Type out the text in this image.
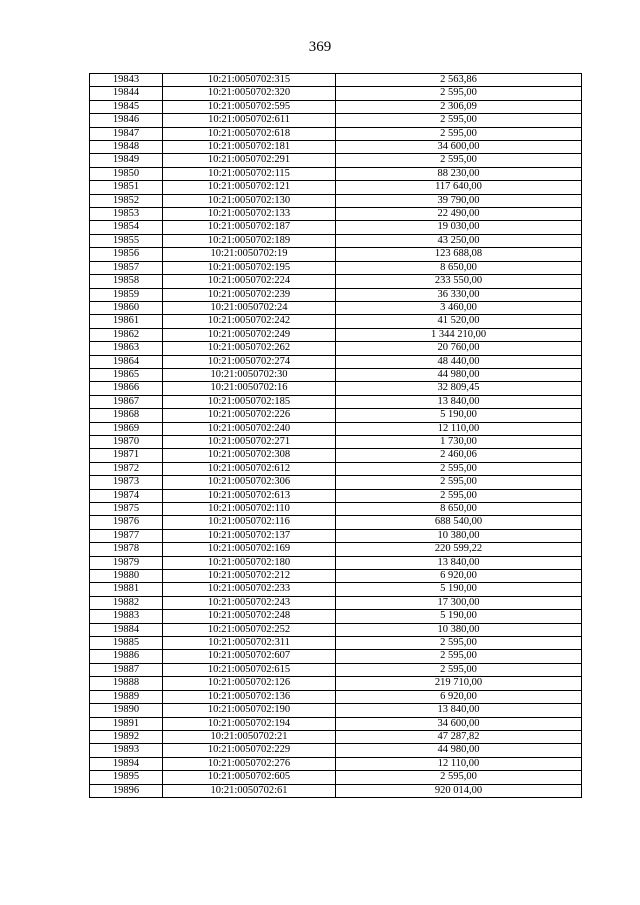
369
19843	10:21:0050702:315	2 563,86
19844	10:21:0050702:320	2 595,00
19845	10:21:0050702:595	2 306,09
19846	10:21:0050702:611	2 595,00
19847	10:21:0050702:618	2 595,00
19848	10:21:0050702:181	34 600,00
19849	10:21:0050702:291	2 595,00
19850	10:21:0050702:115	88 230,00
19851	10:21:0050702:121	117 640,00
19852	10:21:0050702:130	39 790,00
19853	10:21:0050702:133	22 490,00
19854	10:21:0050702:187	19 030,00
19855	10:21:0050702:189	43 250,00
19856	10:21:0050702:19	123 688,08
19857	10:21:0050702:195	8 650,00
19858	10:21:0050702:224	233 550,00
19859	10:21:0050702:239	36 330,00
19860	10:21:0050702:24	3 460,00
19861	10:21:0050702:242	41 520,00
19862	10:21:0050702:249	1 344 210,00
19863	10:21:0050702:262	20 760,00
19864	10:21:0050702:274	48 440,00
19865	10:21:0050702:30	44 980,00
19866	10:21:0050702:16	32 809,45
19867	10:21:0050702:185	13 840,00
19868	10:21:0050702:226	5 190,00
19869	10:21:0050702:240	12 110,00
19870	10:21:0050702:271	1 730,00
19871	10:21:0050702:308	2 460,06
19872	10:21:0050702:612	2 595,00
19873	10:21:0050702:306	2 595,00
19874	10:21:0050702:613	2 595,00
19875	10:21:0050702:110	8 650,00
19876	10:21:0050702:116	688 540,00
19877	10:21:0050702:137	10 380,00
19878	10:21:0050702:169	220 599,22
19879	10:21:0050702:180	13 840,00
19880	10:21:0050702:212	6 920,00
19881	10:21:0050702:233	5 190,00
19882	10:21:0050702:243	17 300,00
19883	10:21:0050702:248	5 190,00
19884	10:21:0050702:252	10 380,00
19885	10:21:0050702:311	2 595,00
19886	10:21:0050702:607	2 595,00
19887	10:21:0050702:615	2 595,00
19888	10:21:0050702:126	219 710,00
19889	10:21:0050702:136	6 920,00
19890	10:21:0050702:190	13 840,00
19891	10:21:0050702:194	34 600,00
19892	10:21:0050702:21	47 287,82
19893	10:21:0050702:229	44 980,00
19894	10:21:0050702:276	12 110,00
19895	10:21:0050702:605	2 595,00
19896	10:21:0050702:61	920 014,00
